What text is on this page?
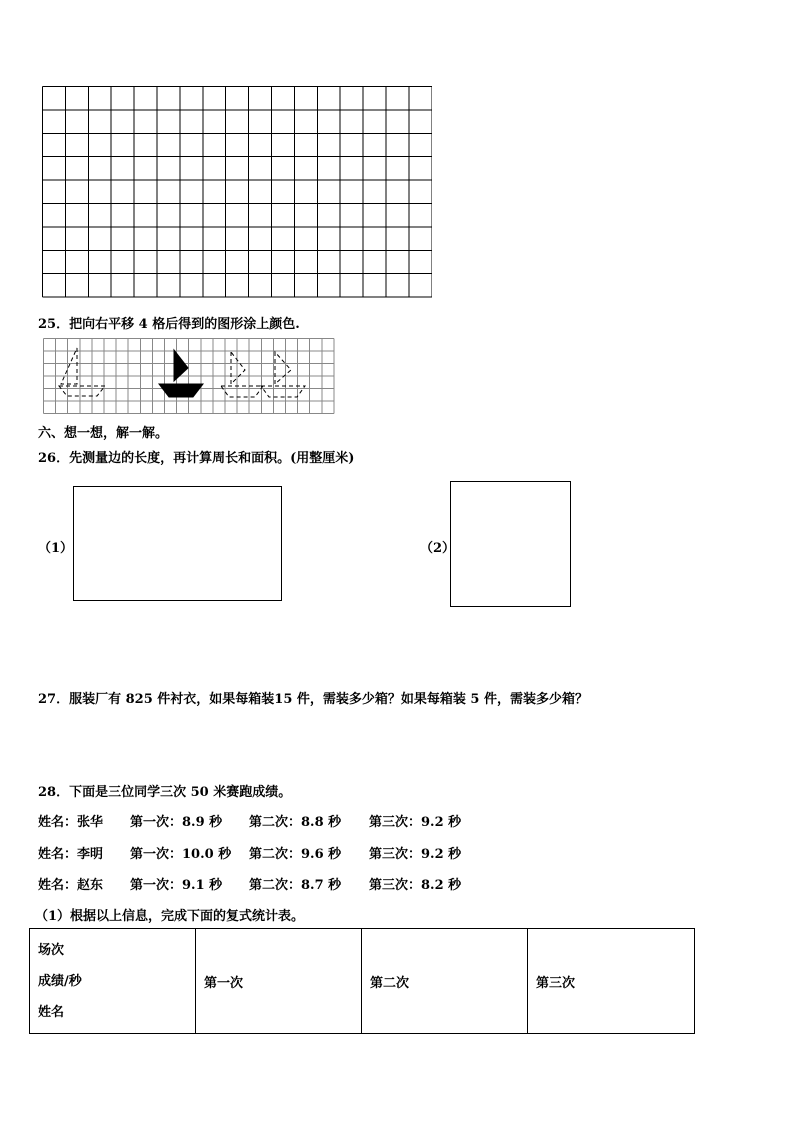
25．把向右平移 4 格后得到的图形涂上颜色.
六、想一想，解一解。
26．先测量边的长度，再计算周长和面积。(用整厘米)
（1）	（2）
27．服装厂有 825 件衬衣，如果每箱装15 件，需装多少箱？如果每箱装 5 件，需装多少箱？
28．下面是三位同学三次 50 米赛跑成绩。
姓名：张华 第一次：8.9 秒 第二次：8.8 秒 第三次：9.2 秒
姓名：李明 第一次：10.0 秒 第二次：9.6 秒 第三次：9.2 秒
姓名：赵东 第一次：9.1 秒 第二次：8.7 秒 第三次：8.2 秒
（1）根据以上信息，完成下面的复式统计表。
场次
成绩/秒
姓名
	第一次	第二次	第三次
